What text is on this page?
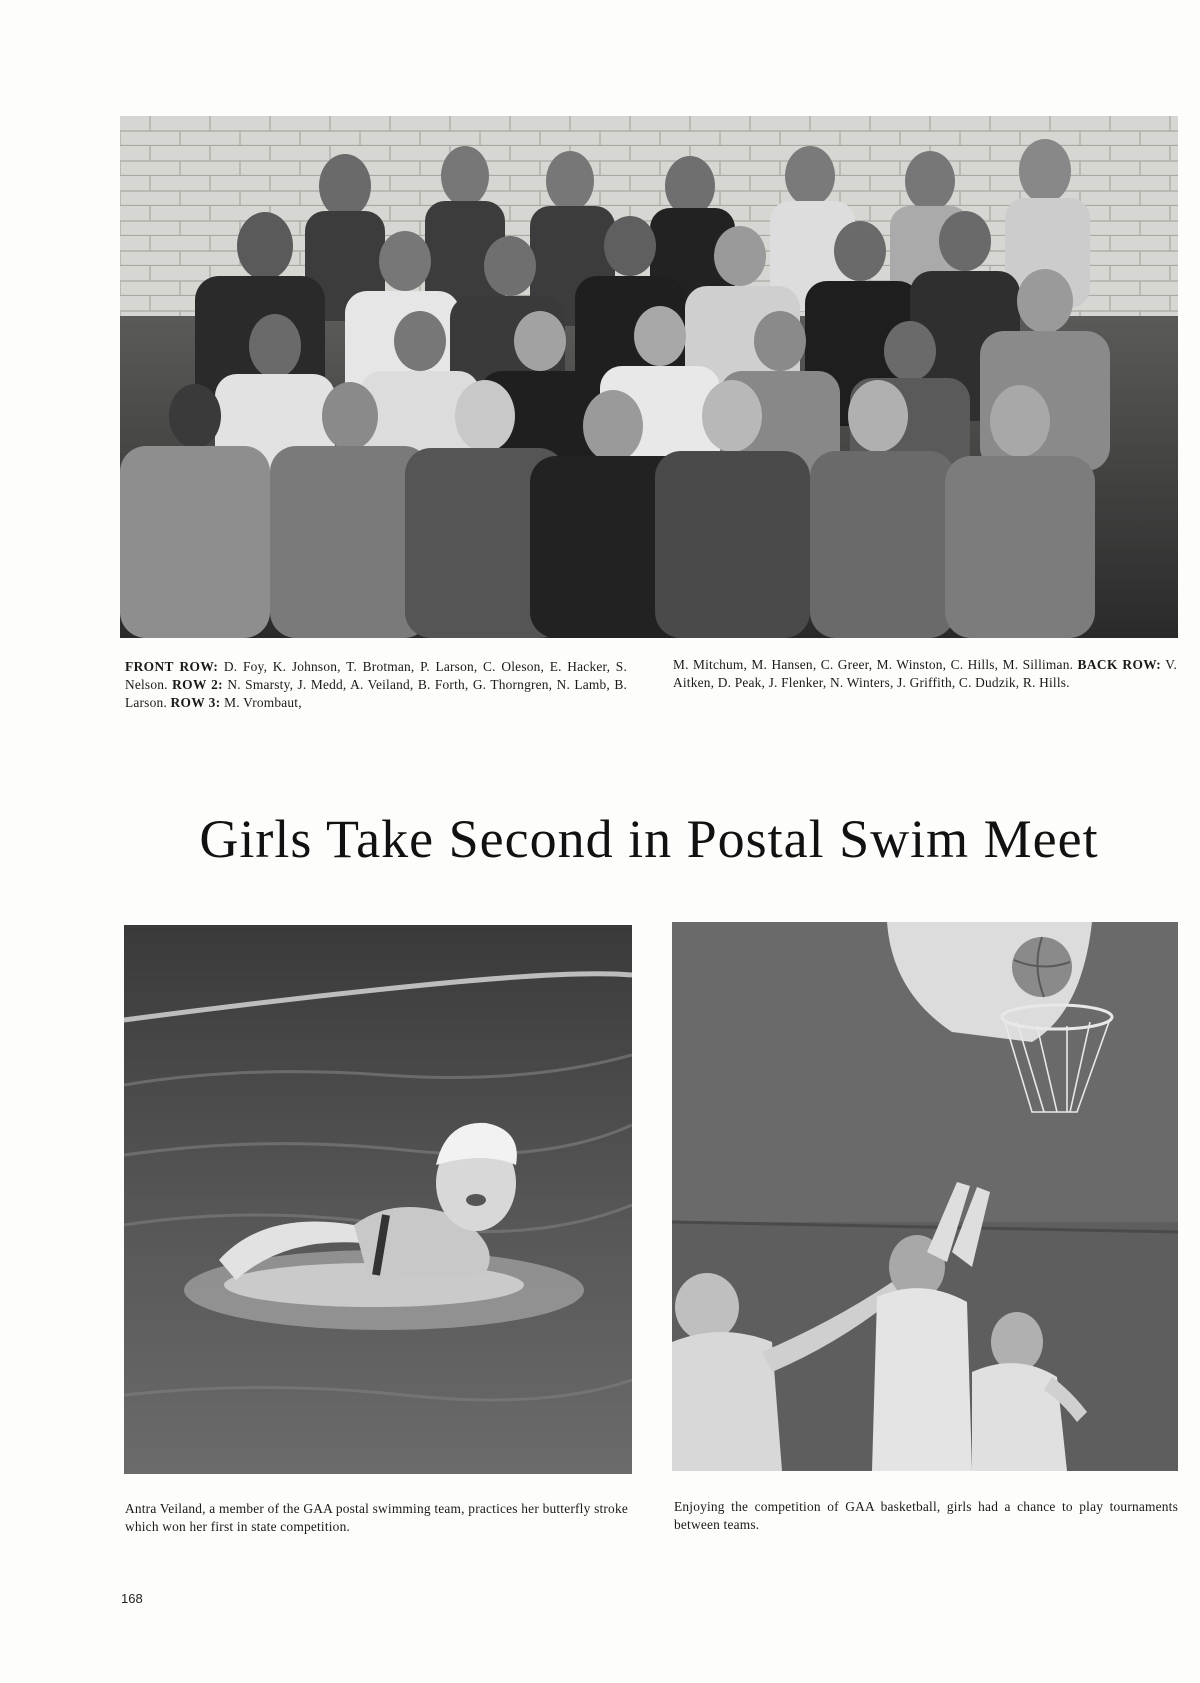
FRONT ROW: D. Foy, K. Johnson, T. Brotman, P. Larson, C. Oleson, E. Hacker, S. Nelson. ROW 2: N. Smarsty, J. Medd, A. Veiland, B. Forth, G. Thorngren, N. Lamb, B. Larson. ROW 3: M. Vrombaut,
M. Mitchum, M. Hansen, C. Greer, M. Winston, C. Hills, M. Silliman. BACK ROW: V. Aitken, D. Peak, J. Flenker, N. Winters, J. Griffith, C. Dudzik, R. Hills.
Girls Take Second in Postal Swim Meet
Antra Veiland, a member of the GAA postal swimming team, practices her butterfly stroke which won her first in state competition.
Enjoying the competition of GAA basketball, girls had a chance to play tournaments between teams.
168
